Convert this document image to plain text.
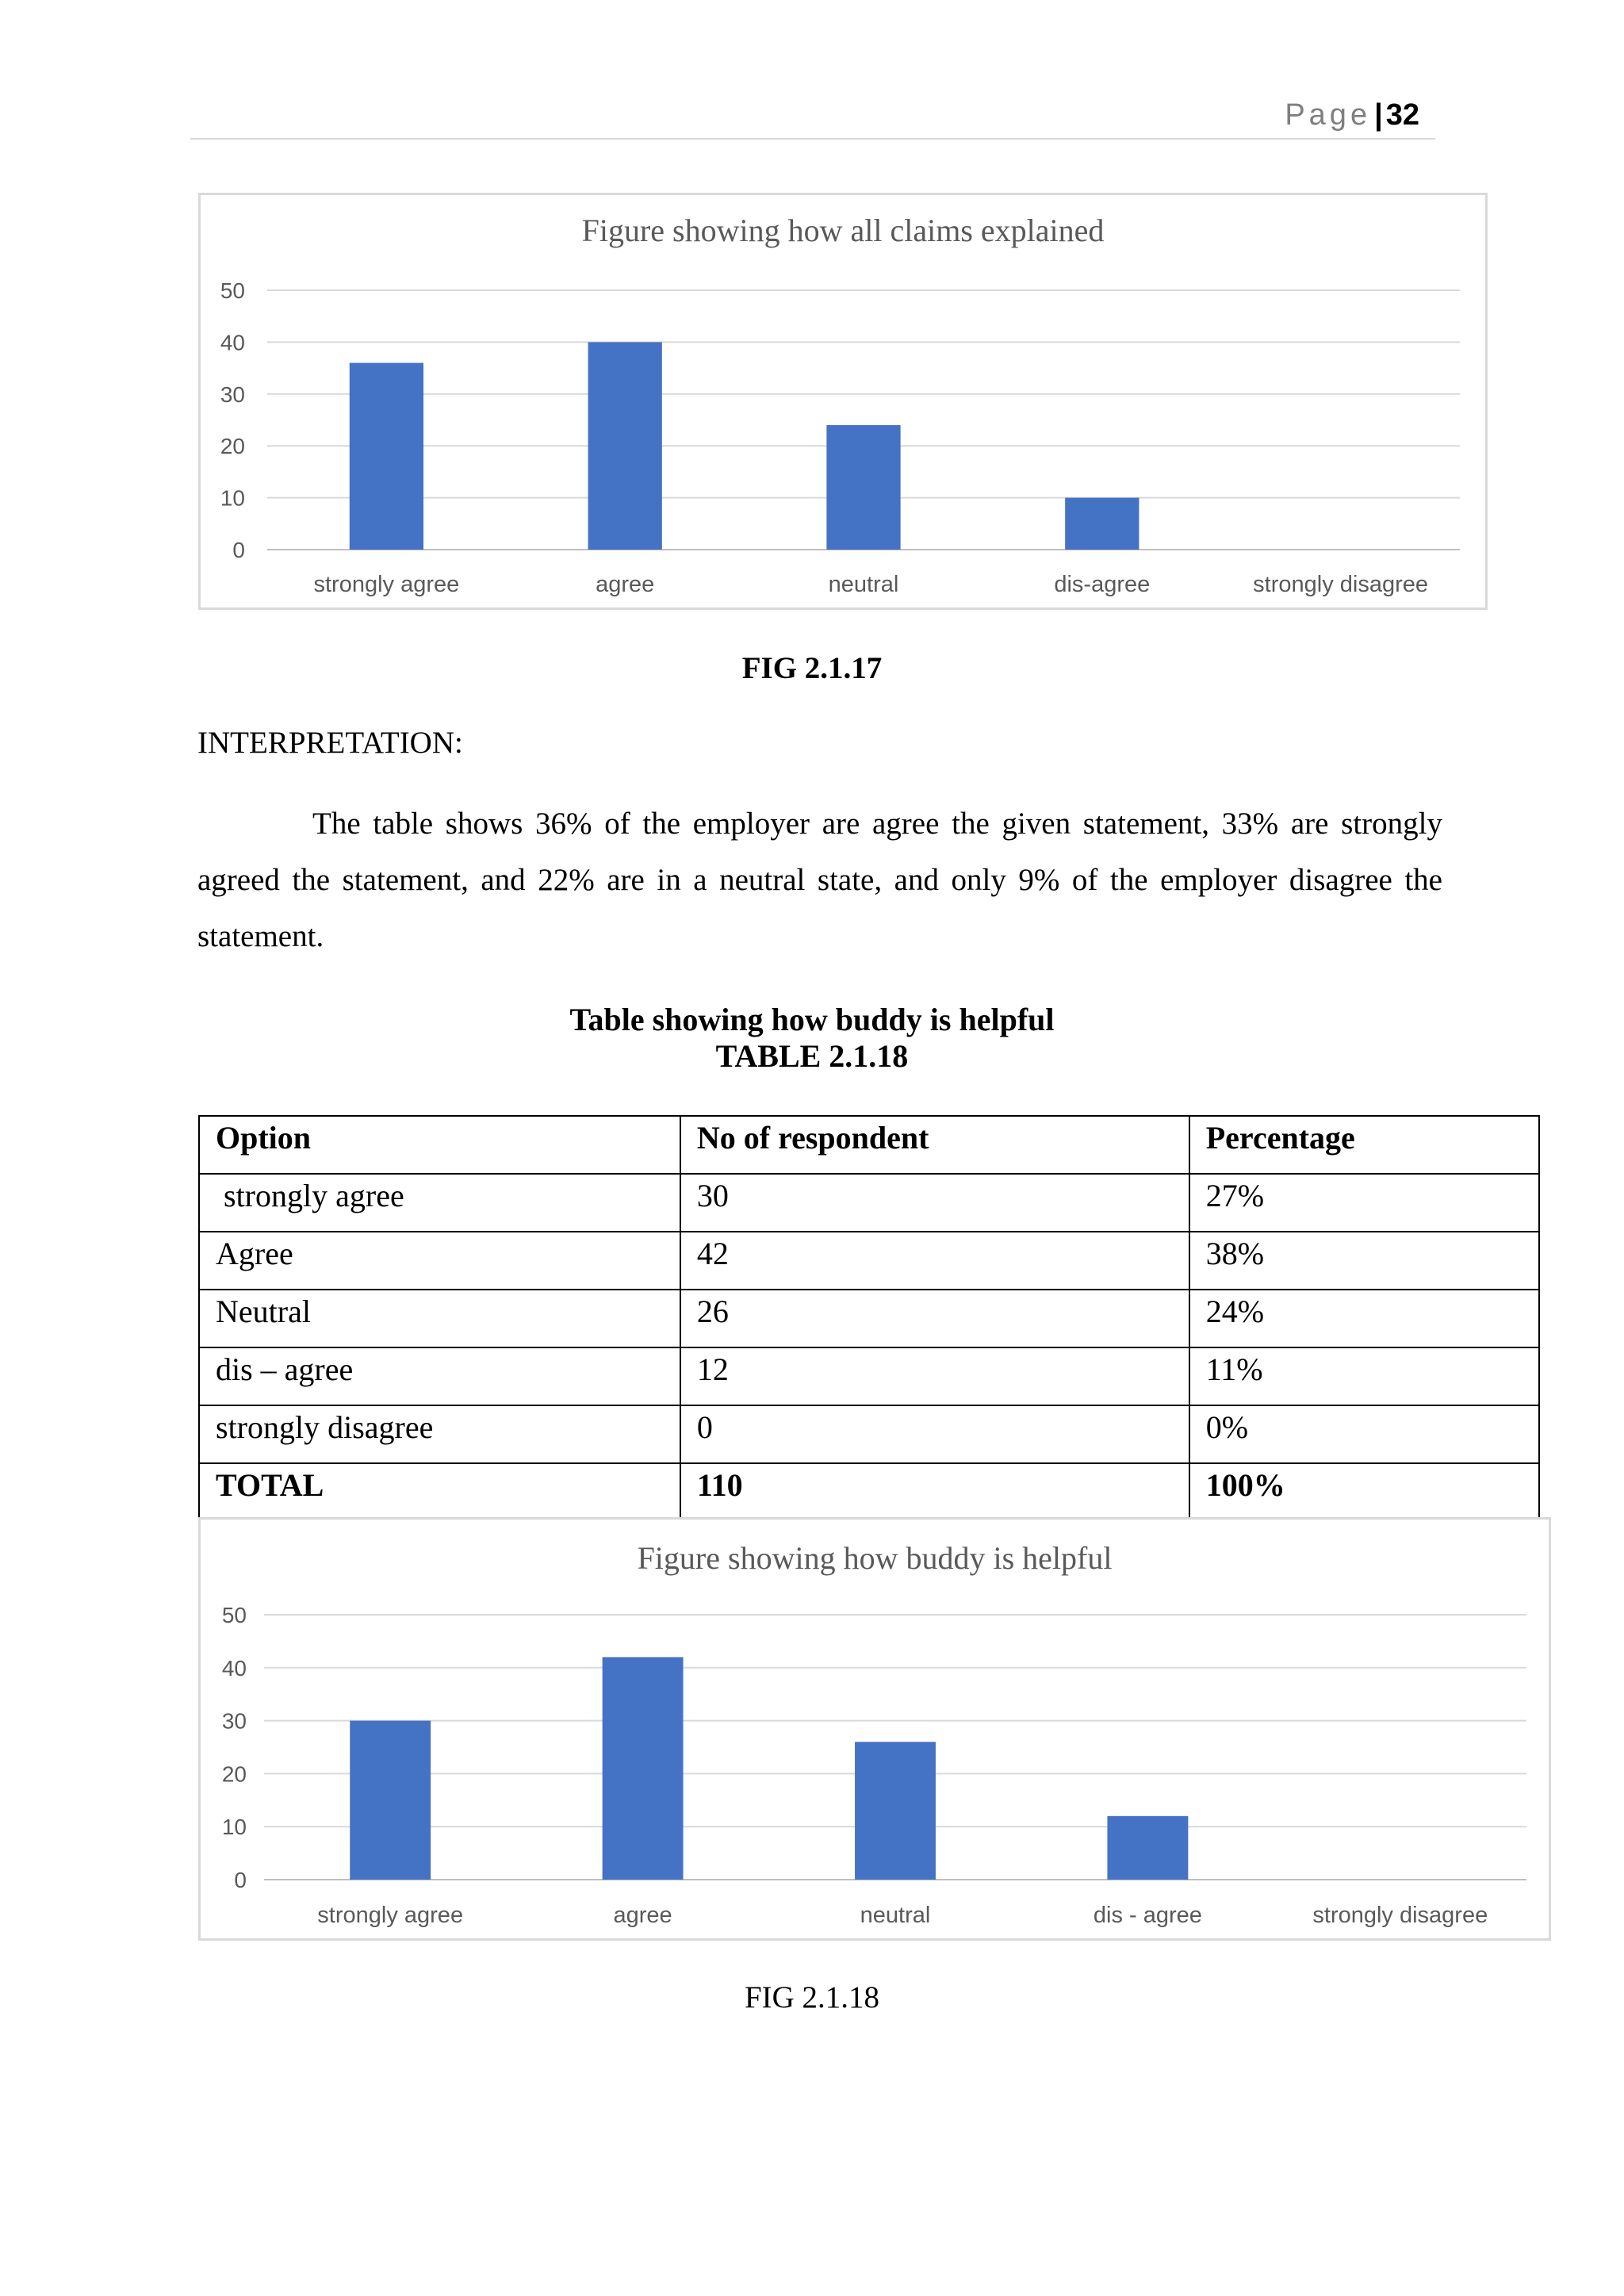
Page | 32
Figure showing how all claims explained
0
10
20
30
40
50
strongly agree	agree	neutral	dis-agree	strongly disagree
FIG 2.1.17
INTERPRETATION:
The table shows 36% of the employer are agree the given statement, 33% are strongly agreed the statement, and 22% are in a neutral state, and only 9% of the employer disagree the statement.
Table showing how buddy is helpful
TABLE 2.1.18
Option	No of respondent	Percentage
strongly agree	30	27%
Agree	42	38%
Neutral	26	24%
dis – agree	12	11%
strongly disagree	0	0%
TOTAL	110	100%
Figure showing how buddy is helpful
0
10
20
30
40
50
strongly agree	agree	neutral	dis - agree	strongly disagree
FIG 2.1.18
